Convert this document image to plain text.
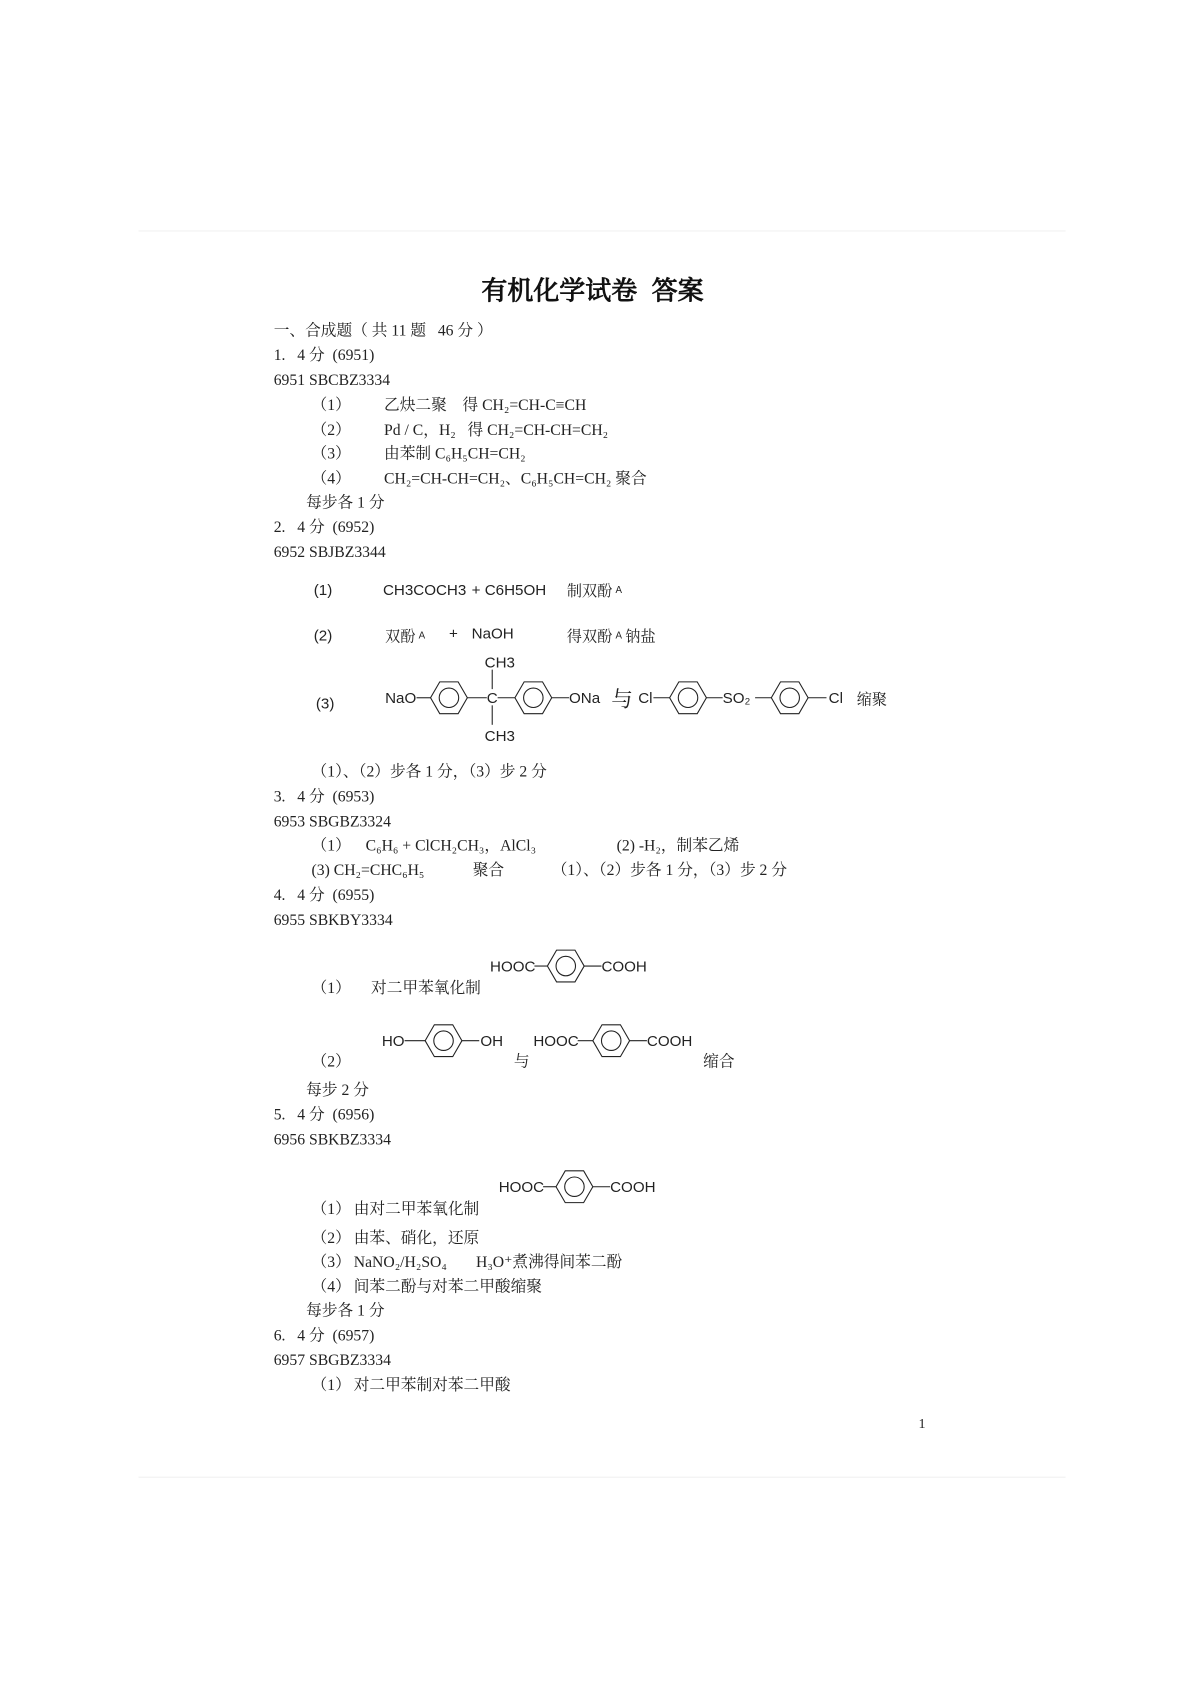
有机化学试卷  答案
一、合成题（ 共 11 题   46 分 ）
1.   4 分  (6951)
6951 SBCBZ3334
（1） 乙炔二聚    得 CH₂=CH-C≡CH
（2） Pd / C，H₂   得 CH₂=CH-CH=CH₂
（3） 由苯制 C₆H₅CH=CH₂
（4） CH₂=CH-CH=CH₂、C₆H₅CH=CH₂ 聚合
每步各 1 分
2.   4 分  (6952)
6952 SBJBZ3344
(1)	CH3COCH3 + C6H5OH 制双酚 $^A$
(2)	双酚 $^A$ + NaOH	得双酚 $^A$ 钠盐
(3)
（1）、（2）步各 1 分，（3）步 2 分
3.   4 分  (6953)
6953 SBGBZ3324
（1） C₆H₆ + ClCH₂CH₃，AlCl₃	(2) -H₂，制苯乙烯
(3) CH₂=CHC₆H₅	聚合	（1）、（2）步各 1 分，（3）步 2 分
4.   4 分  (6955)
6955 SBKBY3334
（1） 对二甲苯氧化制
（2）	与	缩合
每步 2 分
5.   4 分  (6956)
6956 SBKBZ3334
（1） 由对二甲苯氧化制
（2） 由苯、硝化，还原
（3） NaNO₂/H₂SO₄ H₃O⁺煮沸得间苯二酚
（4） 间苯二酚与对苯二甲酸缩聚
每步各 1 分
6.   4 分  (6957)
6957 SBGBZ3334
（1） 对二甲苯制对苯二甲酸
1
NaO	C
CH3
CH3
ONa 与 Cl	SO₂	Cl 缩聚
HOOC	COOH
HO	OH HOOC	COOH
HOOC	COOH
